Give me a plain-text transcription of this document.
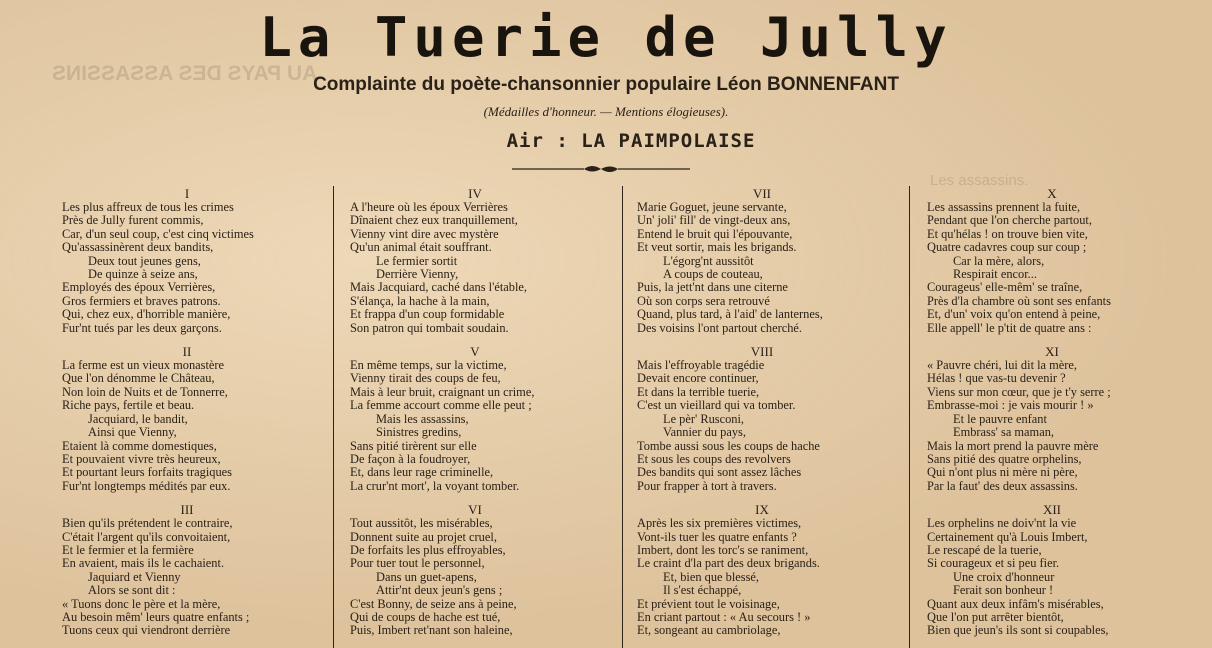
AU PAYS DES ASSASSINS
Les assassins.
La Tuerie de Jully
Complainte du poète-chansonnier populaire Léon BONNENFANT
(Médailles d'honneur. — Mentions élogieuses).
Air : LA PAIMPOLAISE
I
Les plus affreux de tous les crimes
Près de Jully furent commis,
Car, d'un seul coup, c'est cinq victimes
Qu'assassinèrent deux bandits,
Deux tout jeunes gens,
De quinze à seize ans,
Employés des époux Verrières,
Gros fermiers et braves patrons.
Qui, chez eux, d'horrible manière,
Fur'nt tués par les deux garçons.
II
La ferme est un vieux monastère
Que l'on dénomme le Château,
Non loin de Nuits et de Tonnerre,
Riche pays, fertile et beau.
Jacquiard, le bandit,
Ainsi que Vienny,
Etaient là comme domestiques,
Et pouvaient vivre très heureux,
Et pourtant leurs forfaits tragiques
Fur'nt longtemps médités par eux.
III
Bien qu'ils prétendent le contraire,
C'était l'argent qu'ils convoitaient,
Et le fermier et la fermière
En avaient, mais ils le cachaient.
Jaquiard et Vienny
Alors se sont dit :
« Tuons donc le père et la mère,
Au besoin mêm' leurs quatre enfants ;
Tuons ceux qui viendront derrière
IV
A l'heure où les époux Verrières
Dînaient chez eux tranquillement,
Vienny vint dire avec mystère
Qu'un animal était souffrant.
Le fermier sortit
Derrière Vienny,
Mais Jacquiard, caché dans l'étable,
S'élança, la hache à la main,
Et frappa d'un coup formidable
Son patron qui tombait soudain.
V
En même temps, sur la victime,
Vienny tirait des coups de feu,
Mais à leur bruit, craignant un crime,
La femme accourt comme elle peut ;
Mais les assassins,
Sinistres gredins,
Sans pitié tirèrent sur elle
De façon à la foudroyer,
Et, dans leur rage criminelle,
La crur'nt mort', la voyant tomber.
VI
Tout aussitôt, les misérables,
Donnent suite au projet cruel,
De forfaits les plus effroyables,
Pour tuer tout le personnel,
Dans un guet-apens,
Attir'nt deux jeun's gens ;
C'est Bonny, de seize ans à peine,
Qui de coups de hache est tué,
Puis, Imbert ret'nant son haleine,
VII
Marie Goguet, jeune servante,
Un' joli' fill' de vingt-deux ans,
Entend le bruit qui l'épouvante,
Et veut sortir, mais les brigands.
L'égorg'nt aussitôt
A coups de couteau,
Puis, la jett'nt dans une citerne
Où son corps sera retrouvé
Quand, plus tard, à l'aid' de lanternes,
Des voisins l'ont partout cherché.
VIII
Mais l'effroyable tragédie
Devait encore continuer,
Et dans la terrible tuerie,
C'est un vieillard qui va tomber.
Le pèr' Rusconi,
Vannier du pays,
Tombe aussi sous les coups de hache
Et sous les coups des revolvers
Des bandits qui sont assez lâches
Pour frapper à tort à travers.
IX
Après les six premières victimes,
Vont-ils tuer les quatre enfants ?
Imbert, dont les torc's se raniment,
Le craint d'la part des deux brigands.
Et, bien que blessé,
Il s'est échappé,
Et prévient tout le voisinage,
En criant partout : « Au secours ! »
Et, songeant au cambriolage,
X
Les assassins prennent la fuite,
Pendant que l'on cherche partout,
Et qu'hélas ! on trouve bien vite,
Quatre cadavres coup sur coup ;
Car la mère, alors,
Respirait encor...
Courageus' elle-mêm' se traîne,
Près d'la chambre où sont ses enfants
Et, d'un' voix qu'on entend à peine,
Elle appell' le p'tit de quatre ans :
XI
« Pauvre chéri, lui dit la mère,
Hélas ! que vas-tu devenir ?
Viens sur mon cœur, que je t'y serre ;
Embrasse-moi : je vais mourir ! »
Et le pauvre enfant
Embrass' sa maman,
Mais la mort prend la pauvre mère
Sans pitié des quatre orphelins,
Qui n'ont plus ni mère ni père,
Par la faut' des deux assassins.
XII
Les orphelins ne doiv'nt la vie
Certainement qu'à Louis Imbert,
Le rescapé de la tuerie,
Si courageux et si peu fier.
Une croix d'honneur
Ferait son bonheur !
Quant aux deux infâm's misérables,
Que l'on put arrêter bientôt,
Bien que jeun's ils sont si coupables,
